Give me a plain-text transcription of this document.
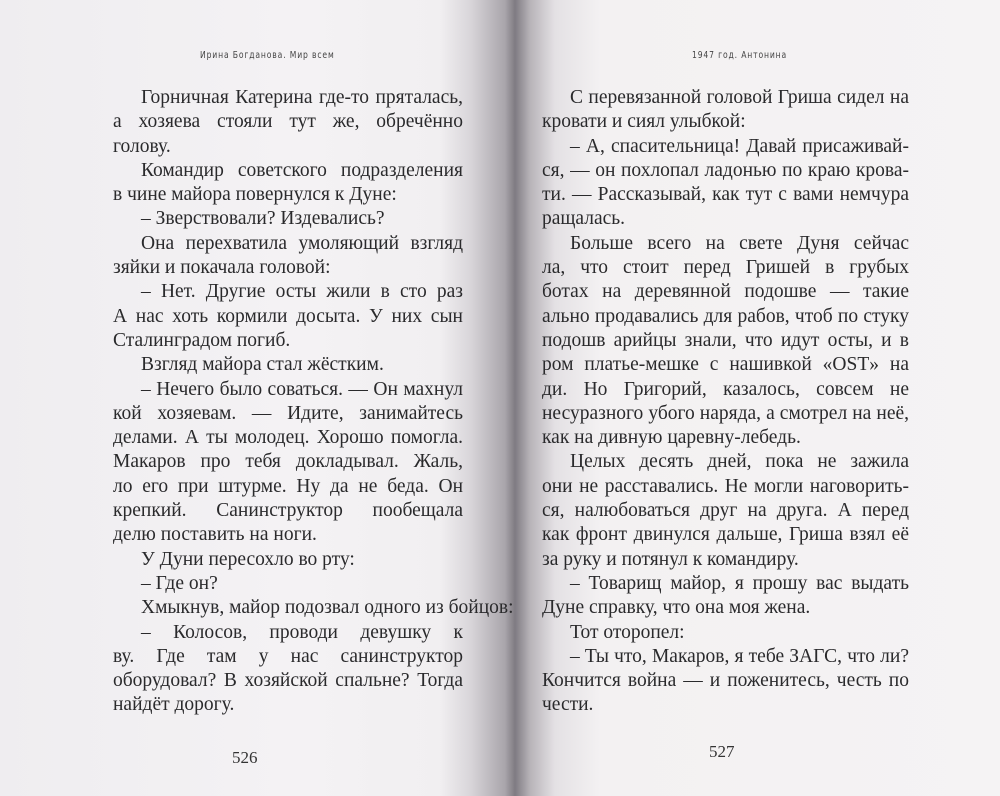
Ирина Богданова. Мир всем	1947 год. Антонина
Горничная Катерина где-то пряталась,
а хозяева стояли тут же, обречённо
голову.
Командир советского подразделения
в чине майора повернулся к Дуне:
– Зверствовали? Издевались?
Она перехватила умоляющий взгляд
зяйки и покачала головой:
– Нет. Другие осты жили в сто раз
А нас хоть кормили досыта. У них сын
Сталинградом погиб.
Взгляд майора стал жёстким.
– Нечего было соваться. — Он махнул
кой хозяевам. — Идите, занимайтесь
делами. А ты молодец. Хорошо помогла.
Макаров про тебя докладывал. Жаль,
ло его при штурме. Ну да не беда. Он
крепкий. Санинструктор пообещала
делю поставить на ноги.
У Дуни пересохло во рту:
– Где он?
Хмыкнув, майор подозвал одного из бойцов:
– Колосов, проводи девушку к
ву. Где там у нас санинструктор
оборудовал? В хозяйской спальне? Тогда
найдёт дорогу.
С перевязанной головой Гриша сидел на
кровати и сиял улыбкой:
– А, спасительница! Давай присаживай-
ся, — он похлопал ладонью по краю крова-
ти. — Рассказывай, как тут с вами немчура
ращалась.
Больше всего на свете Дуня сейчас
ла, что стоит перед Гришей в грубых
ботах на деревянной подошве — такие
ально продавались для рабов, чтоб по стуку
подошв арийцы знали, что идут осты, и в
ром платье-мешке с нашивкой «OST» на
ди. Но Григорий, казалось, совсем не
несуразного убого наряда, а смотрел на неё,
как на дивную царевну-лебедь.
Целых десять дней, пока не зажила
они не расставались. Не могли наговорить-
ся, налюбоваться друг на друга. А перед
как фронт двинулся дальше, Гриша взял её
за руку и потянул к командиру.
– Товарищ майор, я прошу вас выдать
Дуне справку, что она моя жена.
Тот оторопел:
– Ты что, Макаров, я тебе ЗАГС, что ли?
Кончится война — и поженитесь, честь по
чести.
526	527
